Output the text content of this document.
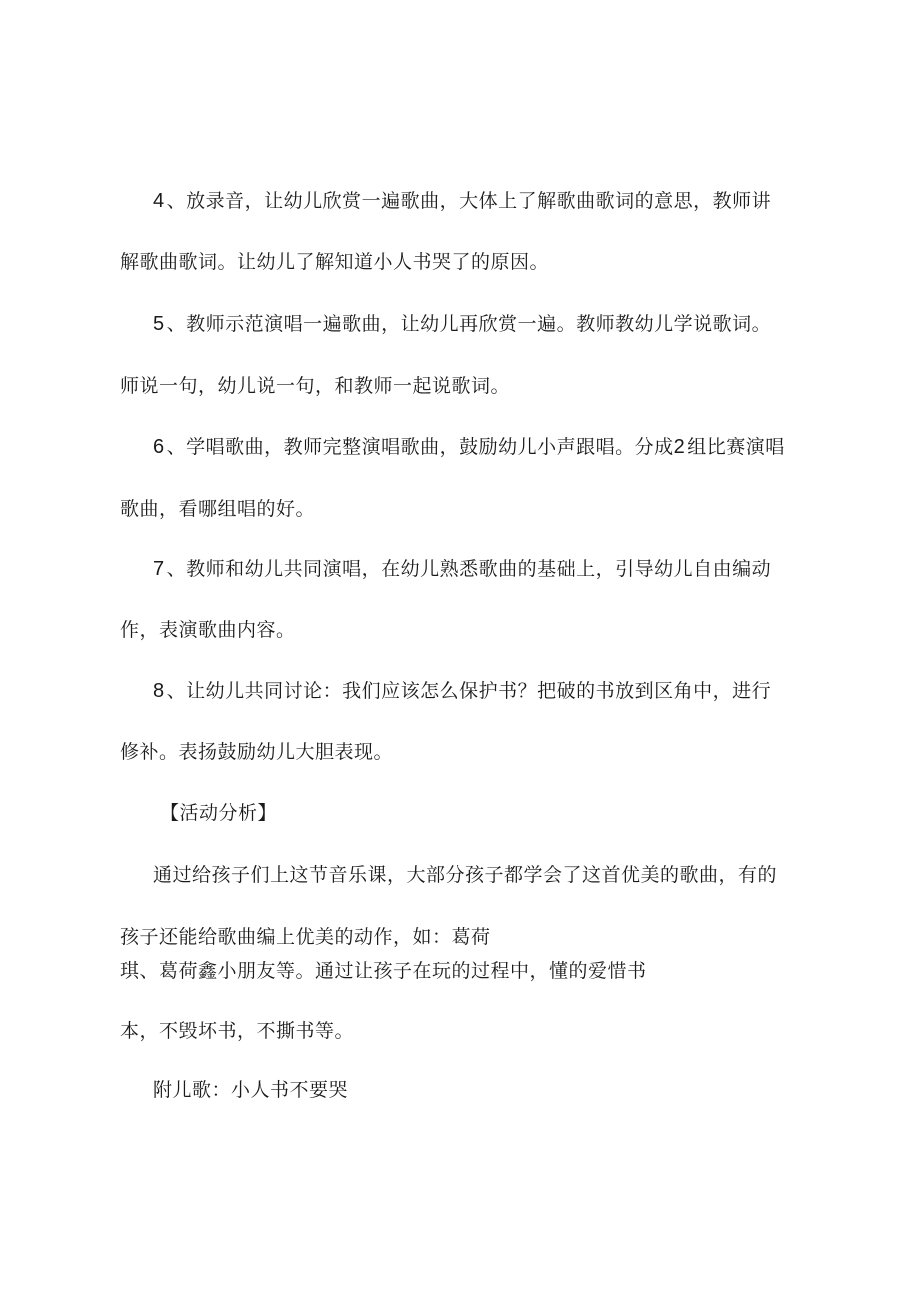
4 、放录音，让幼儿欣赏一遍歌曲，大体上了解歌曲歌词的意思，教师讲
解歌曲歌词。让幼儿了解知道小人书哭了的原因。
5 、教师示范演唱一遍歌曲，让幼儿再欣赏一遍。教师教幼儿学说歌词。
师说一句，幼儿说一句，和教师一起说歌词。
6 、学唱歌曲，教师完整演唱歌曲，鼓励幼儿小声跟唱。分成2 组比赛演唱
歌曲，看哪组唱的好。
7 、教师和幼儿共同演唱，在幼儿熟悉歌曲的基础上，引导幼儿自由编动
作，表演歌曲内容。
8 、让幼儿共同讨论：我们应该怎么保护书？把破的书放到区角中，进行
修补。表扬鼓励幼儿大胆表现。
【活动分析】
通过给孩子们上这节音乐课，大部分孩子都学会了这首优美的歌曲，有的
孩子还能给歌曲编上优美的动作，如：葛荷
琪、葛荷鑫小朋友等。通过让孩子在玩的过程中，懂的爱惜书
本，不毁坏书，不撕书等。
附儿歌：小人书不要哭
